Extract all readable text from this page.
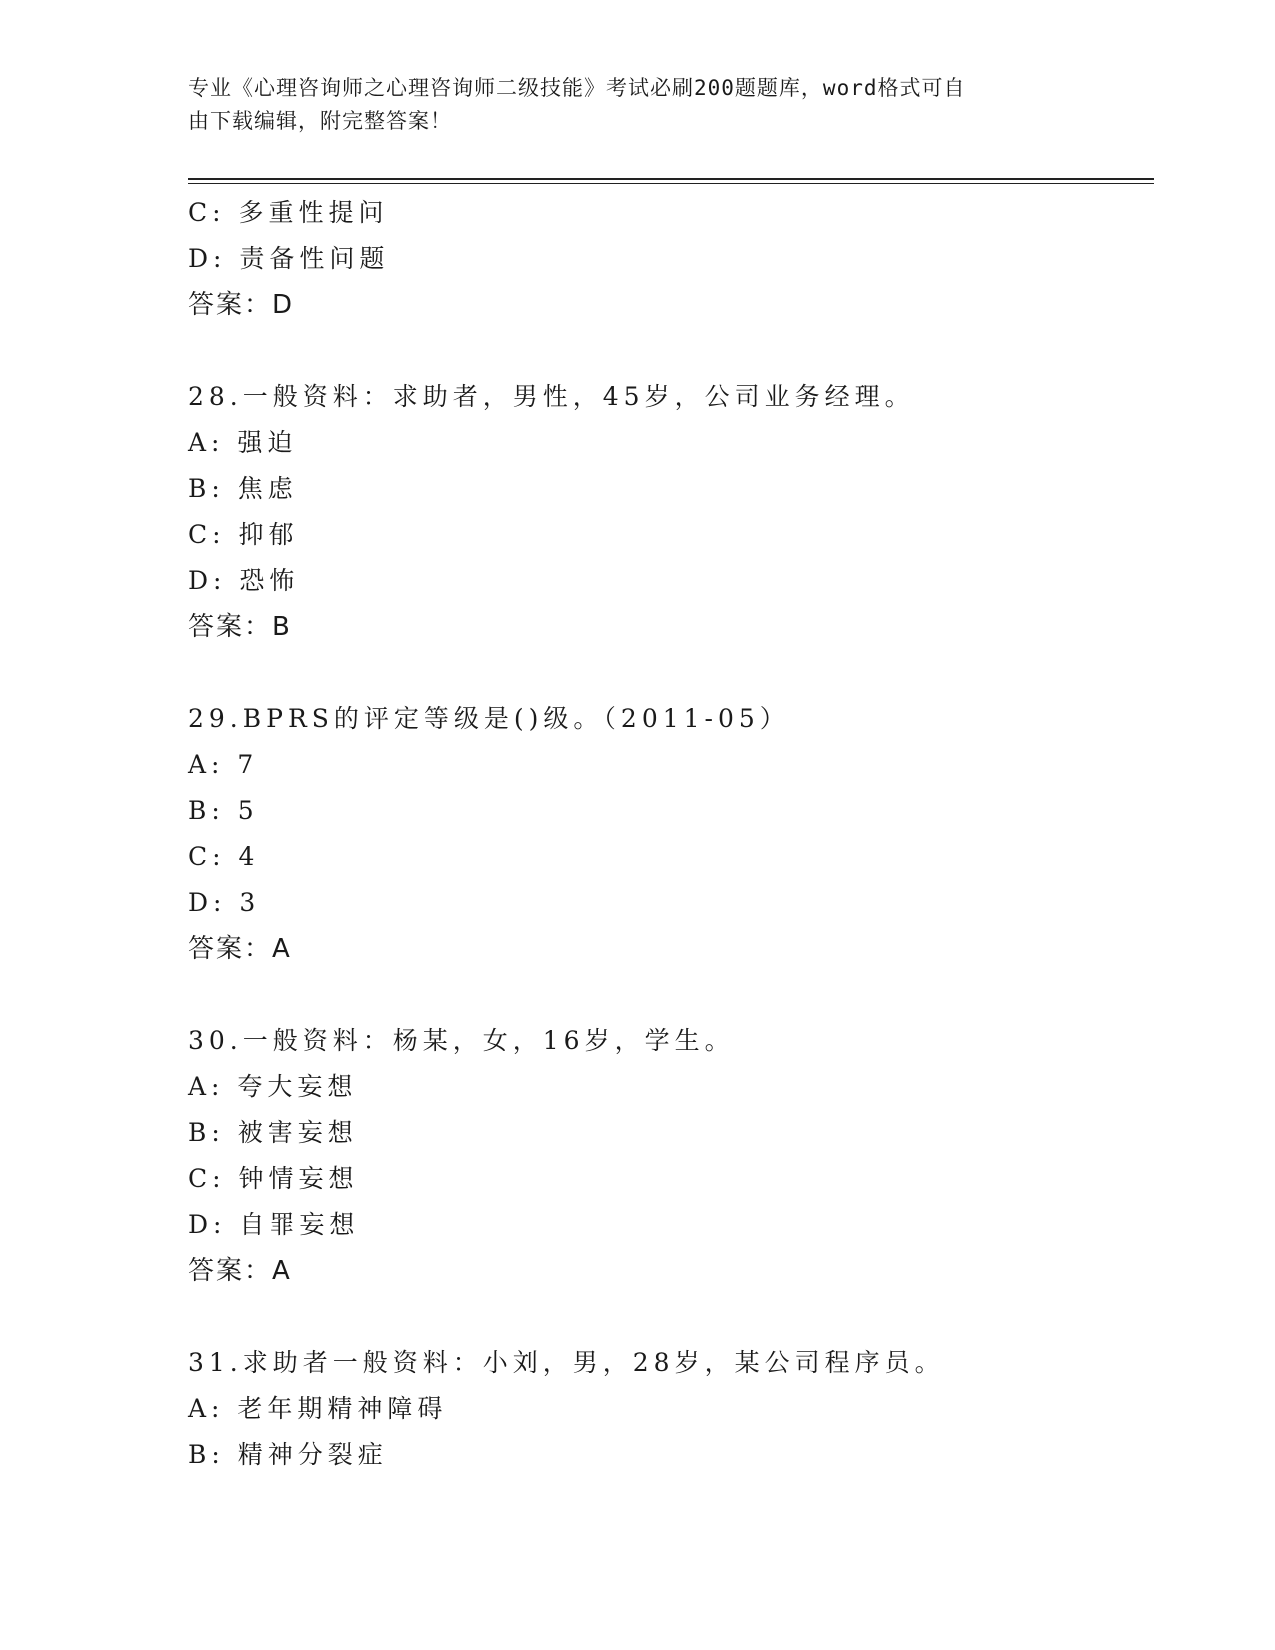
专业《心理咨询师之心理咨询师二级技能》考试必刷200题题库，word格式可自
由下载编辑，附完整答案！
C: 多重性提问
D: 责备性问题
答案：D
28.一般资料：求助者，男性，45岁，公司业务经理。
A: 强迫
B: 焦虑
C: 抑郁
D: 恐怖
答案：B
29.BPRS的评定等级是()级。（2011-05）
A: 7
B: 5
C: 4
D: 3
答案：A
30.一般资料：杨某，女，16岁，学生。
A: 夸大妄想
B: 被害妄想
C: 钟情妄想
D: 自罪妄想
答案：A
31.求助者一般资料：小刘，男，28岁，某公司程序员。
A: 老年期精神障碍
B: 精神分裂症
